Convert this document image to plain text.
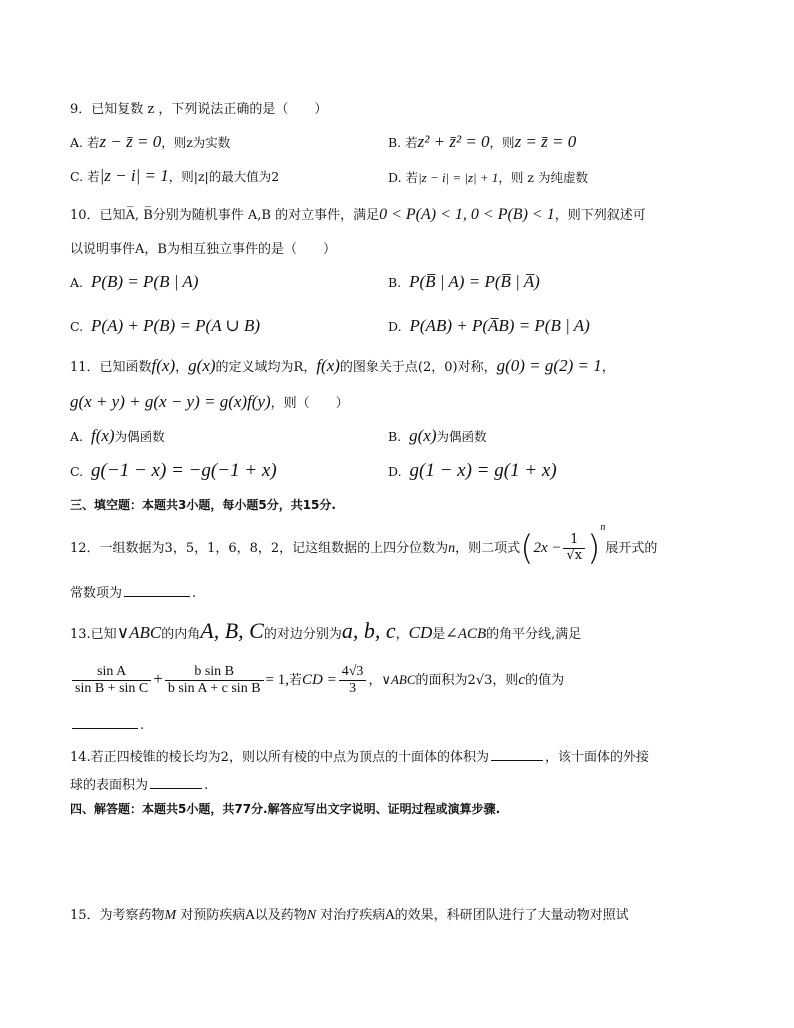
9．已知复数 z ，下列说法正确的是（　　）
A. 若z − z̄ = 0，则z为实数	B. 若z² + z̄² = 0，则z = z̄ = 0
C. 若|z − i| = 1，则|z|的最大值为2	D. 若|z − i| = |z| + 1，则 z 为纯虚数
10．已知A̅, B̅分别为随机事件 A,B 的对立事件，满足0 < P(A) < 1, 0 < P(B) < 1，则下列叙述可
以说明事件A，B为相互独立事件的是（　　）
A. P(B) = P(B | A)	B. P(B̅ | A) = P(B̅ | A̅)
C. P(A) + P(B) = P(A ∪ B)	D. P(AB) + P(A̅B) = P(B | A)
11．已知函数f(x)，g(x)的定义域均为R，f(x)的图象关于点(2，0)对称，g(0) = g(2) = 1，
g(x + y) + g(x − y) = g(x)f(y)，则（　　）
A. f(x)为偶函数	B. g(x)为偶函数
C. g(−1 − x) = −g(−1 + x)	D. g(1 − x) = g(1 + x)
三、填空题：本题共3小题，每小题5分，共15分.
12．一组数据为3，5，1，6，8，2，记这组数据的上四分位数为n，则二项式$(2x - \frac{1}{√x} )^n$展开式的
常数项为	.
13.已知∨ABC的内角A, B, C的对边分别为a, b, c，CD是∠ACB的角平分线,满足
$\frac{\text{sin A}}{\text{sin B + sin C}} + \frac{\text{b sin B}}{\text{b sin A + c sin B}} = 1$,若CD = $\frac{4√3}{3}$ ，∨ABC的面积为2√3，则c的值为
.
14.若正四棱锥的棱长均为2，则以所有棱的中点为顶点的十面体的体积为	，该十面体的外接
球的表面积为	.
四、解答题：本题共5小题，共77分.解答应写出文字说明、证明过程或演算步骤.
15．为考察药物M 对预防疾病A以及药物N 对治疗疾病A的效果，科研团队进行了大量动物对照试
